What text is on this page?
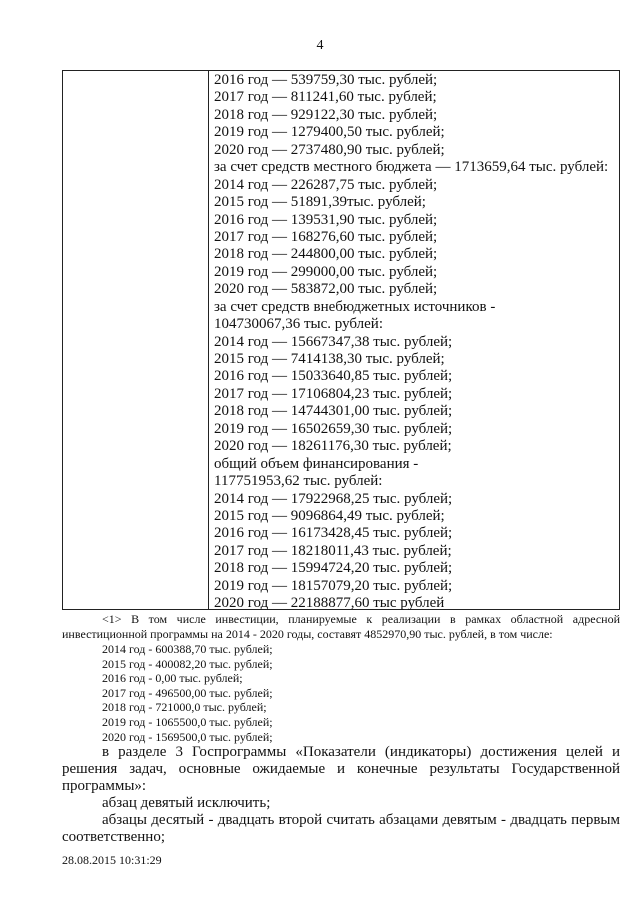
4
2016 год — 539759,30 тыс. рублей;
2017 год — 811241,60 тыс. рублей;
2018 год — 929122,30 тыс. рублей;
2019 год — 1279400,50 тыс. рублей;
2020 год — 2737480,90 тыс. рублей;
за счет средств местного бюджета — 1713659,64 тыс. рублей:
2014 год — 226287,75 тыс. рублей;
2015 год — 51891,39тыс. рублей;
2016 год — 139531,90 тыс. рублей;
2017 год — 168276,60 тыс. рублей;
2018 год — 244800,00 тыс. рублей;
2019 год — 299000,00 тыс. рублей;
2020 год — 583872,00 тыс. рублей;
за счет средств внебюджетных источников -
104730067,36 тыс. рублей:
2014 год — 15667347,38 тыс. рублей;
2015 год — 7414138,30 тыс. рублей;
2016 год — 15033640,85 тыс. рублей;
2017 год — 17106804,23 тыс. рублей;
2018 год — 14744301,00 тыс. рублей;
2019 год — 16502659,30 тыс. рублей;
2020 год — 18261176,30 тыс. рублей;
общий объем финансирования -
117751953,62 тыс. рублей:
2014 год — 17922968,25 тыс. рублей;
2015 год — 9096864,49 тыс. рублей;
2016 год — 16173428,45 тыс. рублей;
2017 год — 18218011,43 тыс. рублей;
2018 год — 15994724,20 тыс. рублей;
2019 год — 18157079,20 тыс. рублей;
2020 год — 22188877,60 тыс рублей
<1> В том числе инвестиции, планируемые к реализации в рамках областной адресной инвестиционной программы на 2014 - 2020 годы, составят 4852970,90 тыс. рублей, в том числе:
2014 год - 600388,70 тыс. рублей;
2015 год - 400082,20 тыс. рублей;
2016 год - 0,00 тыс. рублей;
2017 год - 496500,00 тыс. рублей;
2018 год - 721000,0 тыс. рублей;
2019 год - 1065500,0 тыс. рублей;
2020 год - 1569500,0 тыс. рублей;

в разделе 3 Госпрограммы «Показатели (индикаторы) достижения целей и решения задач, основные ожидаемые и конечные результаты Государственной программы»:

абзац девятый исключить;

абзацы десятый - двадцать второй считать абзацами девятым - двадцать первым соответственно;

28.08.2015 10:31:29
